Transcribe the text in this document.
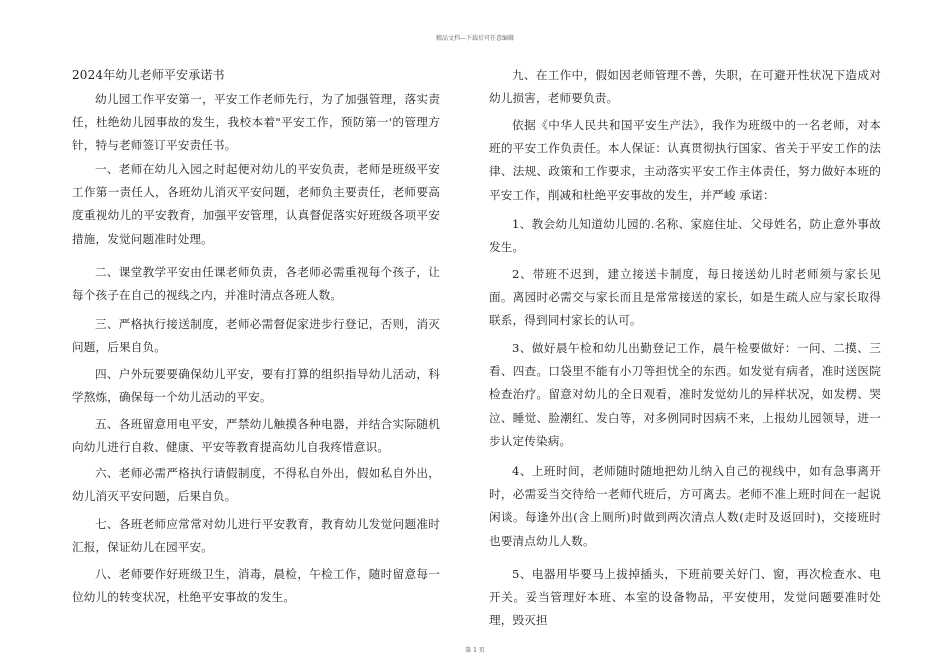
精品文档---下载后可任意编辑
2024年幼儿老师平安承诺书
幼儿园工作平安第一，平安工作老师先行，为了加强管理，落实责任，杜绝幼儿园事故的发生，我校本着"平安工作，预防第一'的管理方针，特与老师签订平安责任书。
一、老师在幼儿入园之时起便对幼儿的平安负责，老师是班级平安工作第一责任人，各班幼儿消灭平安问题，老师负主要责任，老师要高度重视幼儿的平安教育，加强平安管理，认真督促落实好班级各项平安措施，发觉问题准时处理。
二、课堂教学平安由任课老师负责，各老师必需重视每个孩子，让每个孩子在自己的视线之内，并准时清点各班人数。
三、严格执行接送制度，老师必需督促家进步行登记，否则，消灭问题，后果自负。
四、户外玩要要确保幼儿平安，要有打算的组织指导幼儿活动，科学熬炼，确保每一个幼儿活动的平安。
五、各班留意用电平安，严禁幼儿触摸各种电器，并结合实际随机向幼儿进行自救、健康、平安等教育提高幼儿自我疼惜意识。
六、老师必需严格执行请假制度，不得私自外出，假如私自外出，幼儿消灭平安问题，后果自负。
七、各班老师应常常对幼儿进行平安教育，教育幼儿发觉问题准时汇报，保证幼儿在园平安。
八、老师要作好班级卫生，消毒，晨检，午检工作，随时留意每一位幼儿的转变状况，杜绝平安事故的发生。
九、在工作中，假如因老师管理不善，失职，在可避开性状况下造成对幼儿损害，老师要负责。
依据《中华人民共和国平安生产法》，我作为班级中的一名老师，对本班的平安工作负责任。本人保证：认真贯彻执行国家、省关于平安工作的法律、法规、政策和工作要求，主动落实平安工作主体责任，努力做好本班的平安工作，削减和杜绝平安事故的发生，并严峻 承诺：
1、教会幼儿知道幼儿园的.名称、家庭住址、父母姓名，防止意外事故发生。
2、带班不迟到，建立接送卡制度，每日接送幼儿时老师须与家长见面。离园时必需交与家长而且是常常接送的家长，如是生疏人应与家长取得联系，得到同村家长的认可。
3、做好晨午检和幼儿出勤登记工作，晨午检要做好：一问、二摸、三看、四查。口袋里不能有小刀等担忧全的东西。如发觉有病者，准时送医院检查治疗。留意对幼儿的全日观看，准时发觉幼儿的异样状况，如发楞、哭泣、睡觉、脸潮红、发白等，对多例同时因病不来，上报幼儿园领导，进一步认定传染病。
4、上班时间，老师随时随地把幼儿纳入自己的视线中，如有急事离开时，必需妥当交待给一老师代班后，方可离去。老师不准上班时间在一起说闲谈。每逢外出(含上厕所)时做到两次清点人数(走时及返回时)，交接班时也要清点幼儿人数。
5、电器用毕要马上拔掉插头，下班前要关好门、窗，再次检查水、电开关。妥当管理好本班、本室的设备物品，平安使用，发觉问题要准时处理，毁灭担
第 1 页
